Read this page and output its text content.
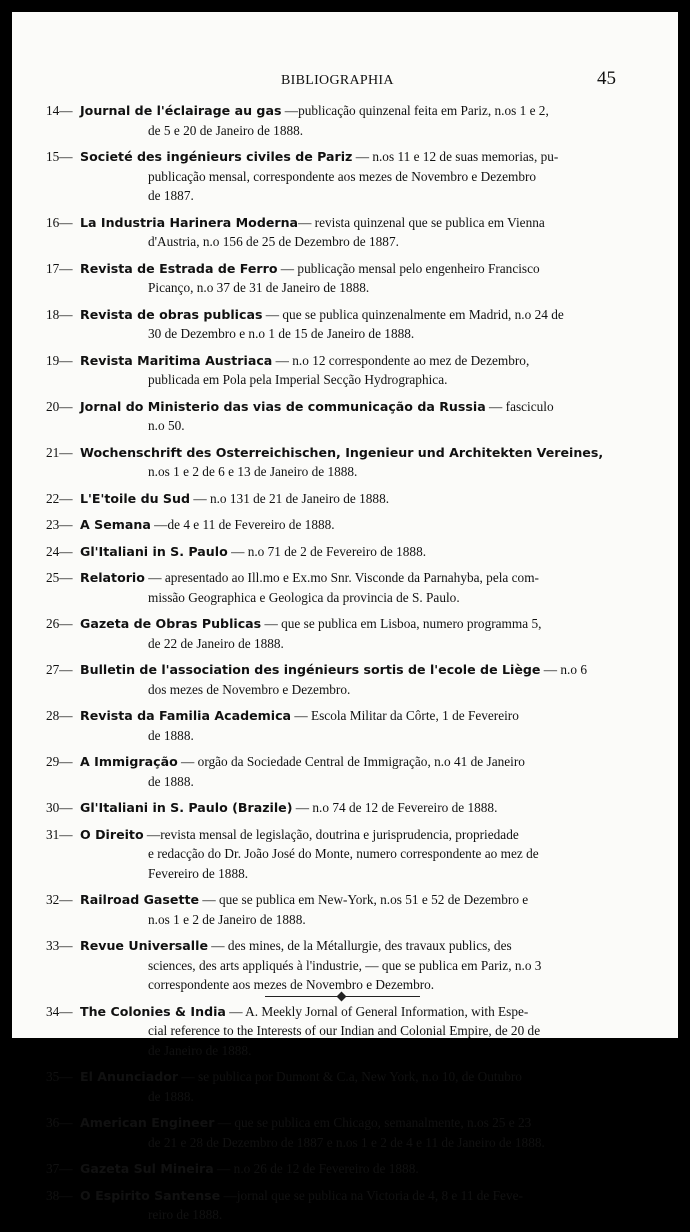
BIBLIOGRAPHIA	45
14— Journal de l'éclairage au gas —publicação quinzenal feita em Pariz, n.os 1 e 2,
de 5 e 20 de Janeiro de 1888.
15— Societé des ingénieurs civiles de Pariz — n.os 11 e 12 de suas memorias, pu-
publicação mensal, correspondente aos mezes de Novembro e Dezembro
de 1887.
16— La Industria Harinera Moderna— revista quinzenal que se publica em Vienna
d'Austria, n.o 156 de 25 de Dezembro de 1887.
17— Revista de Estrada de Ferro — publicação mensal pelo engenheiro Francisco
Picanço, n.o 37 de 31 de Janeiro de 1888.
18— Revista de obras publicas — que se publica quinzenalmente em Madrid, n.o 24 de
30 de Dezembro e n.o 1 de 15 de Janeiro de 1888.
19— Revista Maritima Austriaca — n.o 12 correspondente ao mez de Dezembro,
publicada em Pola pela Imperial Secção Hydrographica.
20— Jornal do Ministerio das vias de communicação da Russia — fasciculo
n.o 50.
21— Wochenschrift des Osterreichischen, Ingenieur und Architekten Vereines,
n.os 1 e 2 de 6 e 13 de Janeiro de 1888.
22— L'E'toile du Sud — n.o 131 de 21 de Janeiro de 1888.
23— A Semana —de 4 e 11 de Fevereiro de 1888.
24— Gl'Italiani in S. Paulo — n.o 71 de 2 de Fevereiro de 1888.
25— Relatorio — apresentado ao Ill.mo e Ex.mo Snr. Visconde da Parnahyba, pela com-
missão Geographica e Geologica da provincia de S. Paulo.
26— Gazeta de Obras Publicas — que se publica em Lisboa, numero programma 5,
de 22 de Janeiro de 1888.
27— Bulletin de l'association des ingénieurs sortis de l'ecole de Liège — n.o 6
dos mezes de Novembro e Dezembro.
28— Revista da Familia Academica — Escola Militar da Côrte, 1 de Fevereiro
de 1888.
29— A Immigração — orgão da Sociedade Central de Immigração, n.o 41 de Janeiro
de 1888.
30— Gl'Italiani in S. Paulo (Brazile) — n.o 74 de 12 de Fevereiro de 1888.
31— O Direito —revista mensal de legislação, doutrina e jurisprudencia, propriedade
e redacção do Dr. João José do Monte, numero correspondente ao mez de
Fevereiro de 1888.
32— Railroad Gasette — que se publica em New-York, n.os 51 e 52 de Dezembro e
n.os 1 e 2 de Janeiro de 1888.
33— Revue Universalle — des mines, de la Métallurgie, des travaux publics, des
sciences, des arts appliqués à l'industrie, — que se publica em Pariz, n.o 3
correspondente aos mezes de Novembro e Dezembro.
34— The Colonies & India — A. Meekly Jornal of General Information, with Espe-
cial reference to the Interests of our Indian and Colonial Empire, de 20 de
de Janeiro de 1888.
35— El Anunciador — se publica por Dumont & C.a, New York, n.o 10, de Outubro
de 1888.
36— American Engineer — que se publica em Chicago, semanalmente, n.os 25 e 23
de 21 e 28 de Dezembro de 1887 e n.os 1 e 2 de 4 e 11 de Janeiro de 1888.
37— Gazeta Sul Mineira — n.o 26 de 12 de Fevereiro de 1888.
38— O Espirito Santense —jornal que se publica na Victoria de 4, 8 e 11 de Feve-
reiro de 1888.
